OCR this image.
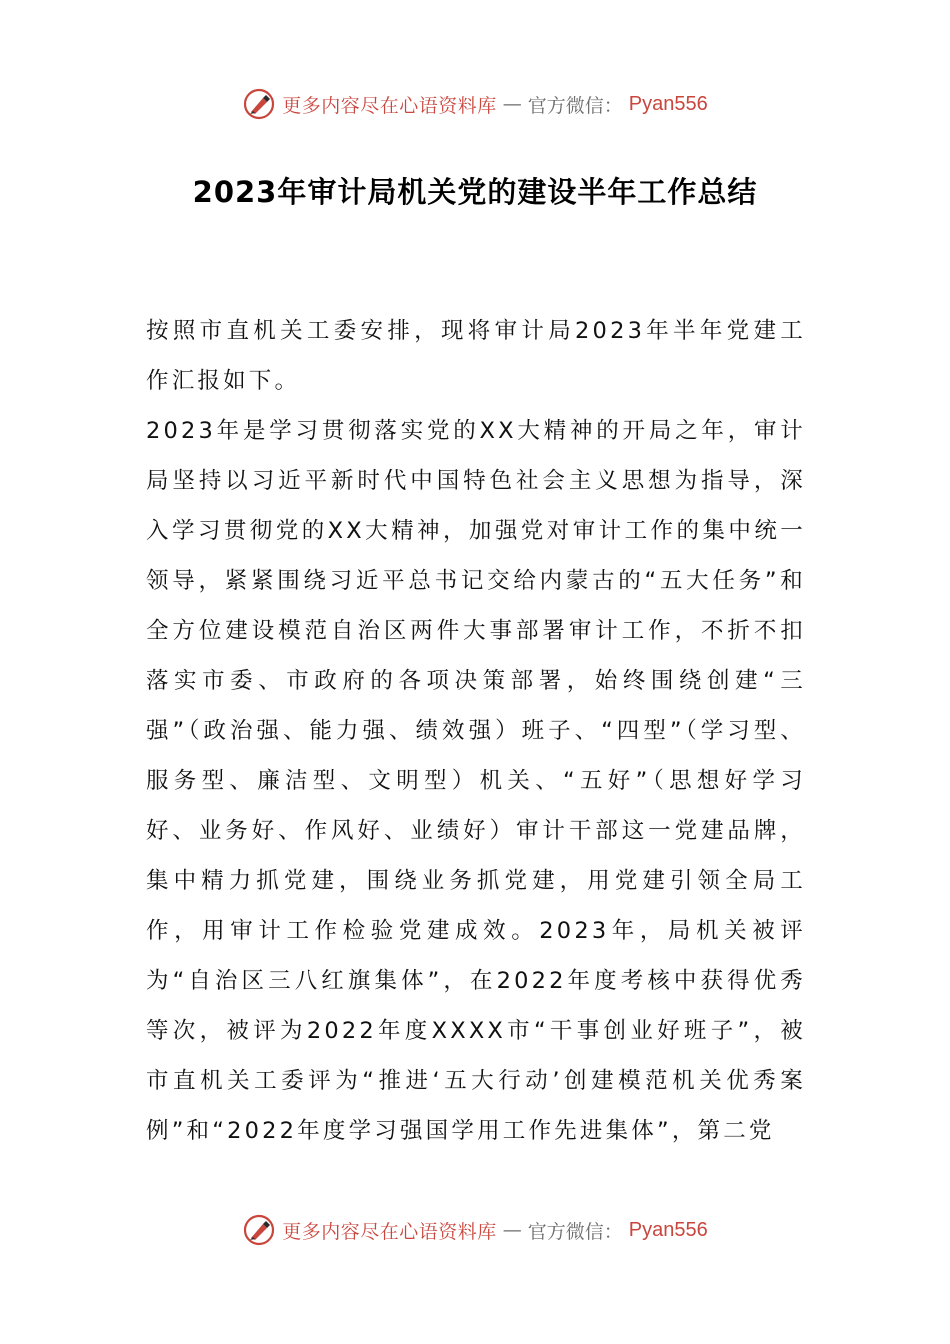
更多内容尽在心语资料库 — 官方微信： Pyan556
2023年审计局机关党的建设半年工作总结

按照市直机关工委安排，现将审计局2023年半年党建工作汇报如下。

2023年是学习贯彻落实党的XX大精神的开局之年，审计局坚持以习近平新时代中国特色社会主义思想为指导，深入学习贯彻党的XX大精神，加强党对审计工作的集中统一领导，紧紧围绕习近平总书记交给内蒙古的“五大任务”和全方位建设模范自治区两件大事部署审计工作，不折不扣落实市委、市政府的各项决策部署，始终围绕创建“三强”（政治强、能力强、绩效强）班子、“四型”（学习型、服务型、廉洁型、文明型）机关、“五好”（思想好学习好、业务好、作风好、业绩好）审计干部这一党建品牌，集中精力抓党建，围绕业务抓党建，用党建引领全局工作，用审计工作检验党建成效。2023年，局机关被评为“自治区三八红旗集体”，在2022年度考核中获得优秀等次，被评为2022年度XXXX市“干事创业好班子”，被市直机关工委评为“推进‘五大行动’创建模范机关优秀案例”和“2022年度学习强国学用工作先进集体”，第二党

更多内容尽在心语资料库 — 官方微信： Pyan556
